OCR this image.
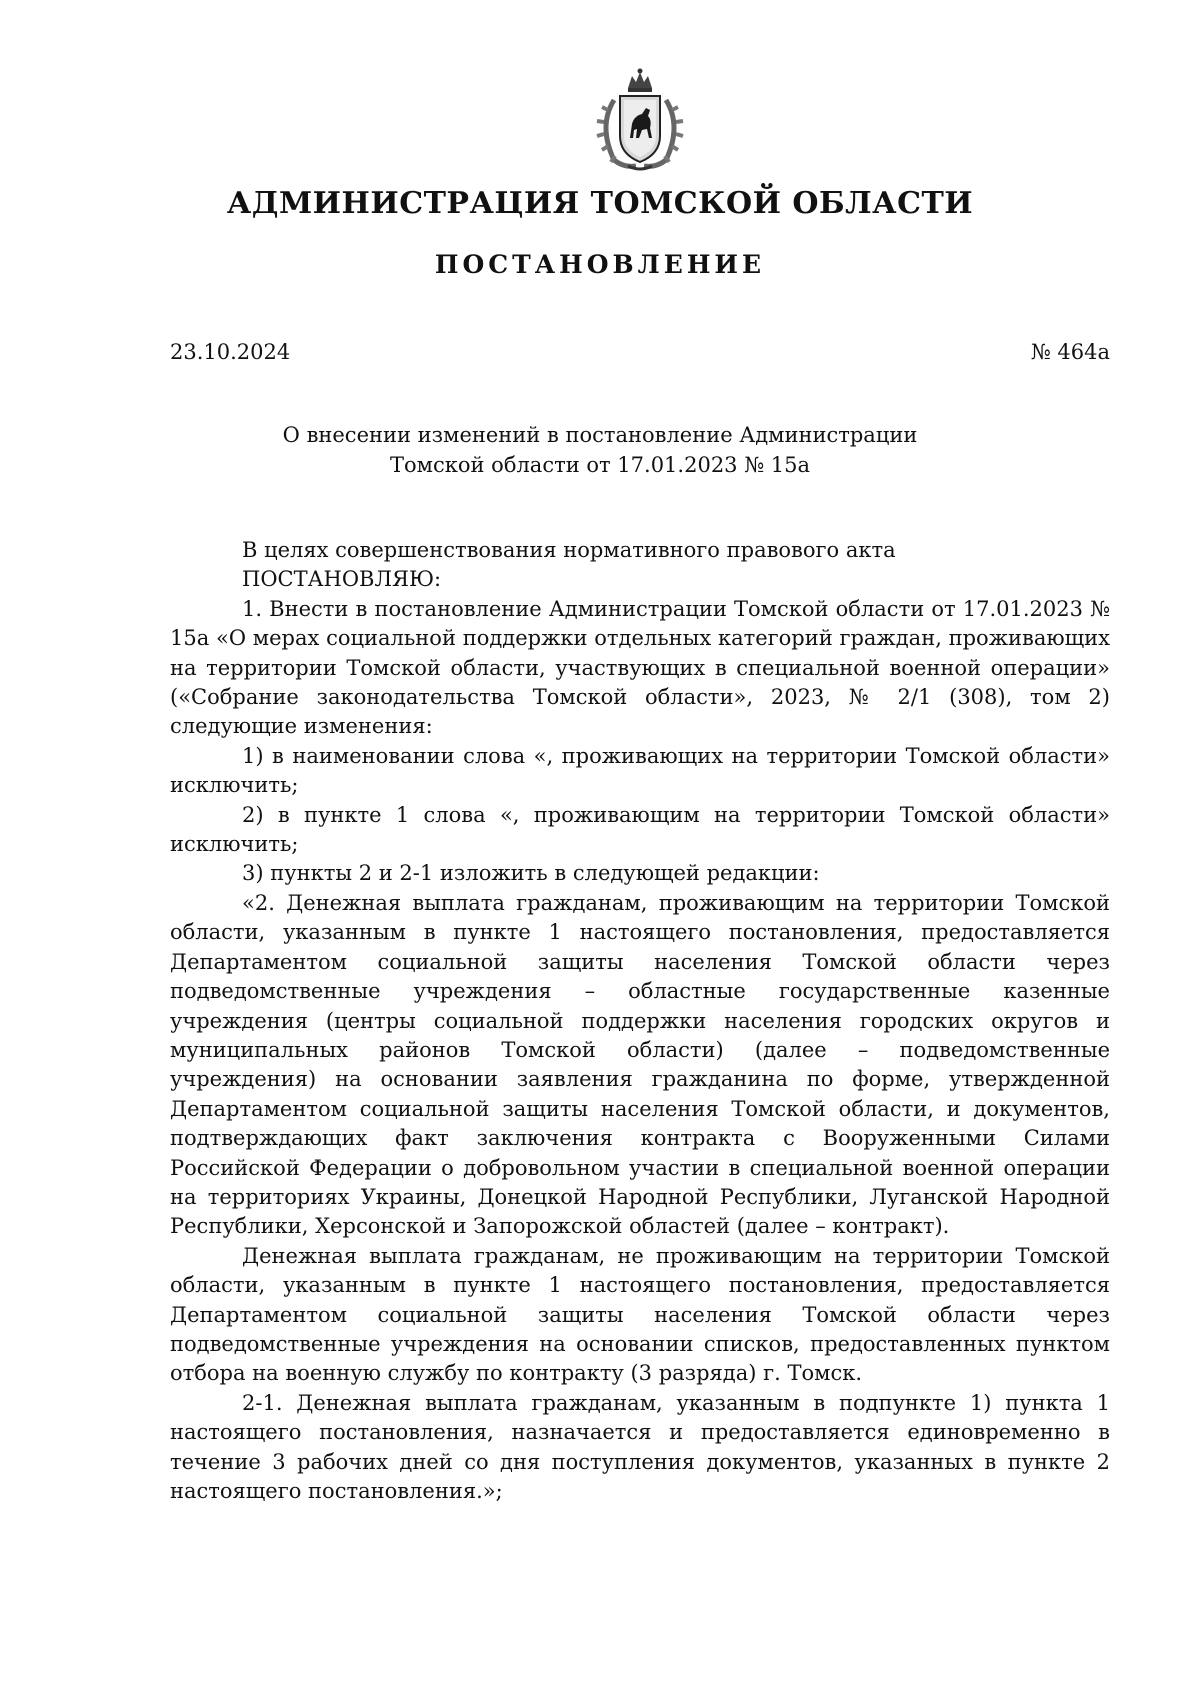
АДМИНИСТРАЦИЯ ТОМСКОЙ ОБЛАСТИ
ПОСТАНОВЛЕНИЕ
23.10.2024	№ 464а
О внесении изменений в постановление Администрации
Томской области от 17.01.2023 № 15а

В целях совершенствования нормативного правового акта

ПОСТАНОВЛЯЮ:

1. Внести в постановление Администрации Томской области от 17.01.2023 № 15а «О мерах социальной поддержки отдельных категорий граждан, проживающих на территории Томской области, участвующих в специальной военной операции» («Собрание законодательства Томской области», 2023, № 2/1 (308), том 2) следующие изменения:

1) в наименовании слова «, проживающих на территории Томской области» исключить;

2) в пункте 1 слова «, проживающим на территории Томской области» исключить;

3) пункты 2 и 2-1 изложить в следующей редакции:

«2. Денежная выплата гражданам, проживающим на территории Томской области, указанным в пункте 1 настоящего постановления, предоставляется Департаментом социальной защиты населения Томской области через подведомственные учреждения – областные государственные казенные учреждения (центры социальной поддержки населения городских округов и муниципальных районов Томской области) (далее – подведомственные учреждения) на основании заявления гражданина по форме, утвержденной Департаментом социальной защиты населения Томской области, и документов, подтверждающих факт заключения контракта с Вооруженными Силами Российской Федерации о добровольном участии в специальной военной операции на территориях Украины, Донецкой Народной Республики, Луганской Народной Республики, Херсонской и Запорожской областей (далее – контракт).

Денежная выплата гражданам, не проживающим на территории Томской области, указанным в пункте 1 настоящего постановления, предоставляется Департаментом социальной защиты населения Томской области через подведомственные учреждения на основании списков, предоставленных пунктом отбора на военную службу по контракту (3 разряда) г. Томск.

2-1. Денежная выплата гражданам, указанным в подпункте 1) пункта 1 настоящего постановления, назначается и предоставляется единовременно в течение 3 рабочих дней со дня поступления документов, указанных в пункте 2 настоящего постановления.»;
